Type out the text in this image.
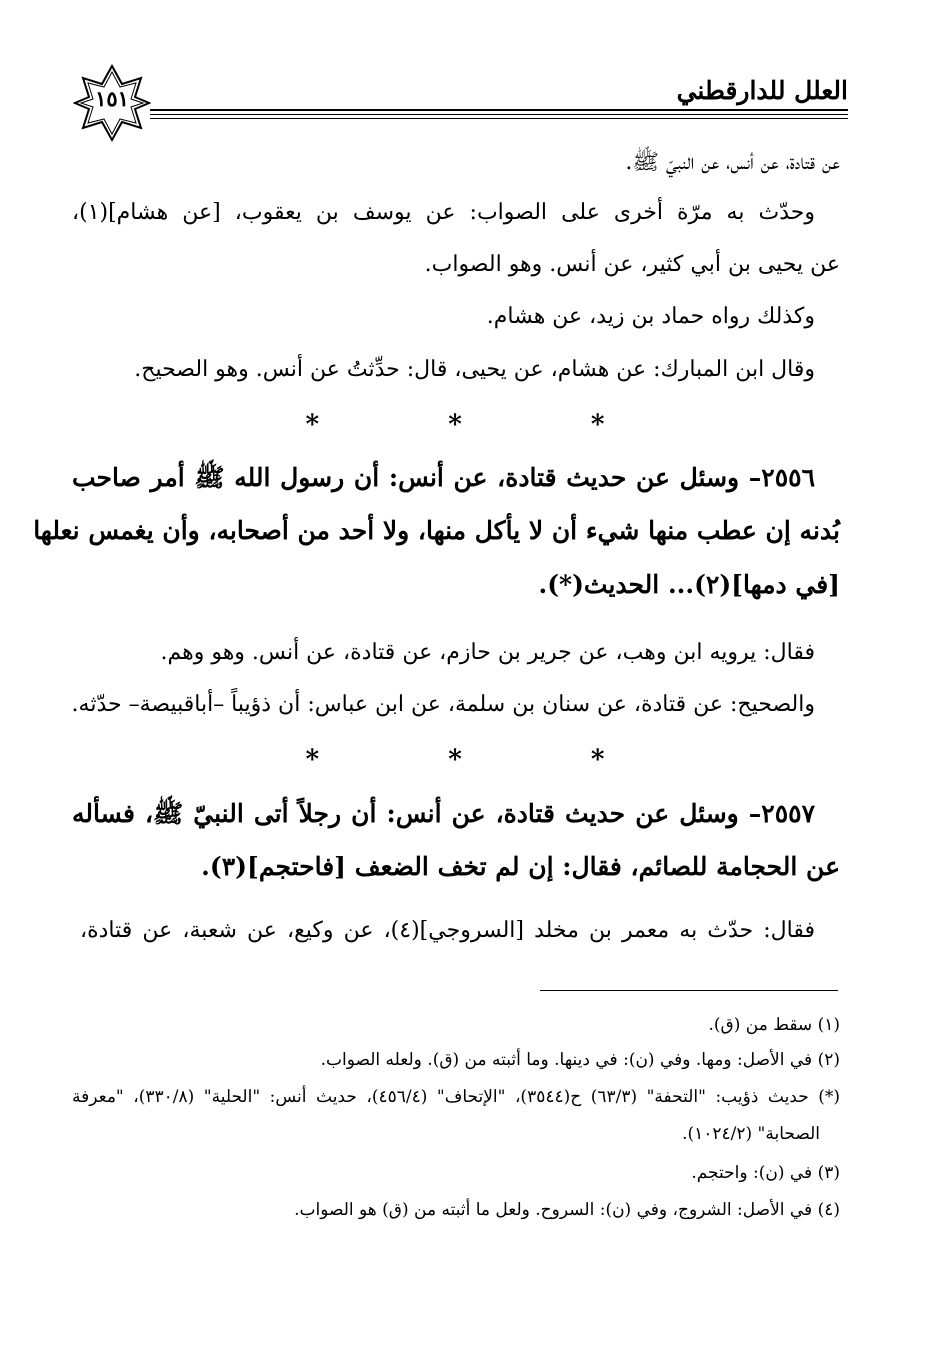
العلل للدارقطني
١٥١
عن قتادة، عن أنس، عن النبيّ ﷺ.
وحدّث به مرّة أخرى على الصواب: عن يوسف بن يعقوب، [عن هشام](١)،
عن يحيى بن أبي كثير، عن أنس. وهو الصواب.
وكذلك رواه حماد بن زيد، عن هشام.
وقال ابن المبارك: عن هشام، عن يحيى، قال: حدِّثتُ عن أنس. وهو الصحيح.
* * *
٢٥٥٦– وسئل عن حديث قتادة، عن أنس: أن رسول الله ﷺ أمر صاحب
بُدنه إن عطب منها شيء أن لا يأكل منها، ولا أحد من أصحابه، وأن يغمس نعلها
[في دمها](٢)... الحديث(*).
فقال: يرويه ابن وهب، عن جرير بن حازم، عن قتادة، عن أنس. وهو وهم.
والصحيح: عن قتادة، عن سنان بن سلمة، عن ابن عباس: أن ذؤيباً –أباقبيصة– حدّثه.
* * *
٢٥٥٧– وسئل عن حديث قتادة، عن أنس: أن رجلاً أتى النبيّ ﷺ، فسأله
عن الحجامة للصائم، فقال: إن لم تخف الضعف [فاحتجم](٣).
فقال: حدّث به معمر بن مخلد [السروجي](٤)، عن وكيع، عن شعبة، عن قتادة،
(١) سقط من (ق).
(٢) في الأصل: ومها. وفي (ن): في دينها. وما أثبته من (ق). ولعله الصواب.
(*) حديث ذؤيب: "التحفة" (٦٣/٣) ح(٣٥٤٤)، "الإتحاف" (٤٥٦/٤)، حديث أنس: "الحلية" (٣٣٠/٨)، "معرفة
الصحابة" (١٠٢٤/٢).
(٣) في (ن): واحتجم.
(٤) في الأصل: الشروج، وفي (ن): السروح. ولعل ما أثبته من (ق) هو الصواب.
